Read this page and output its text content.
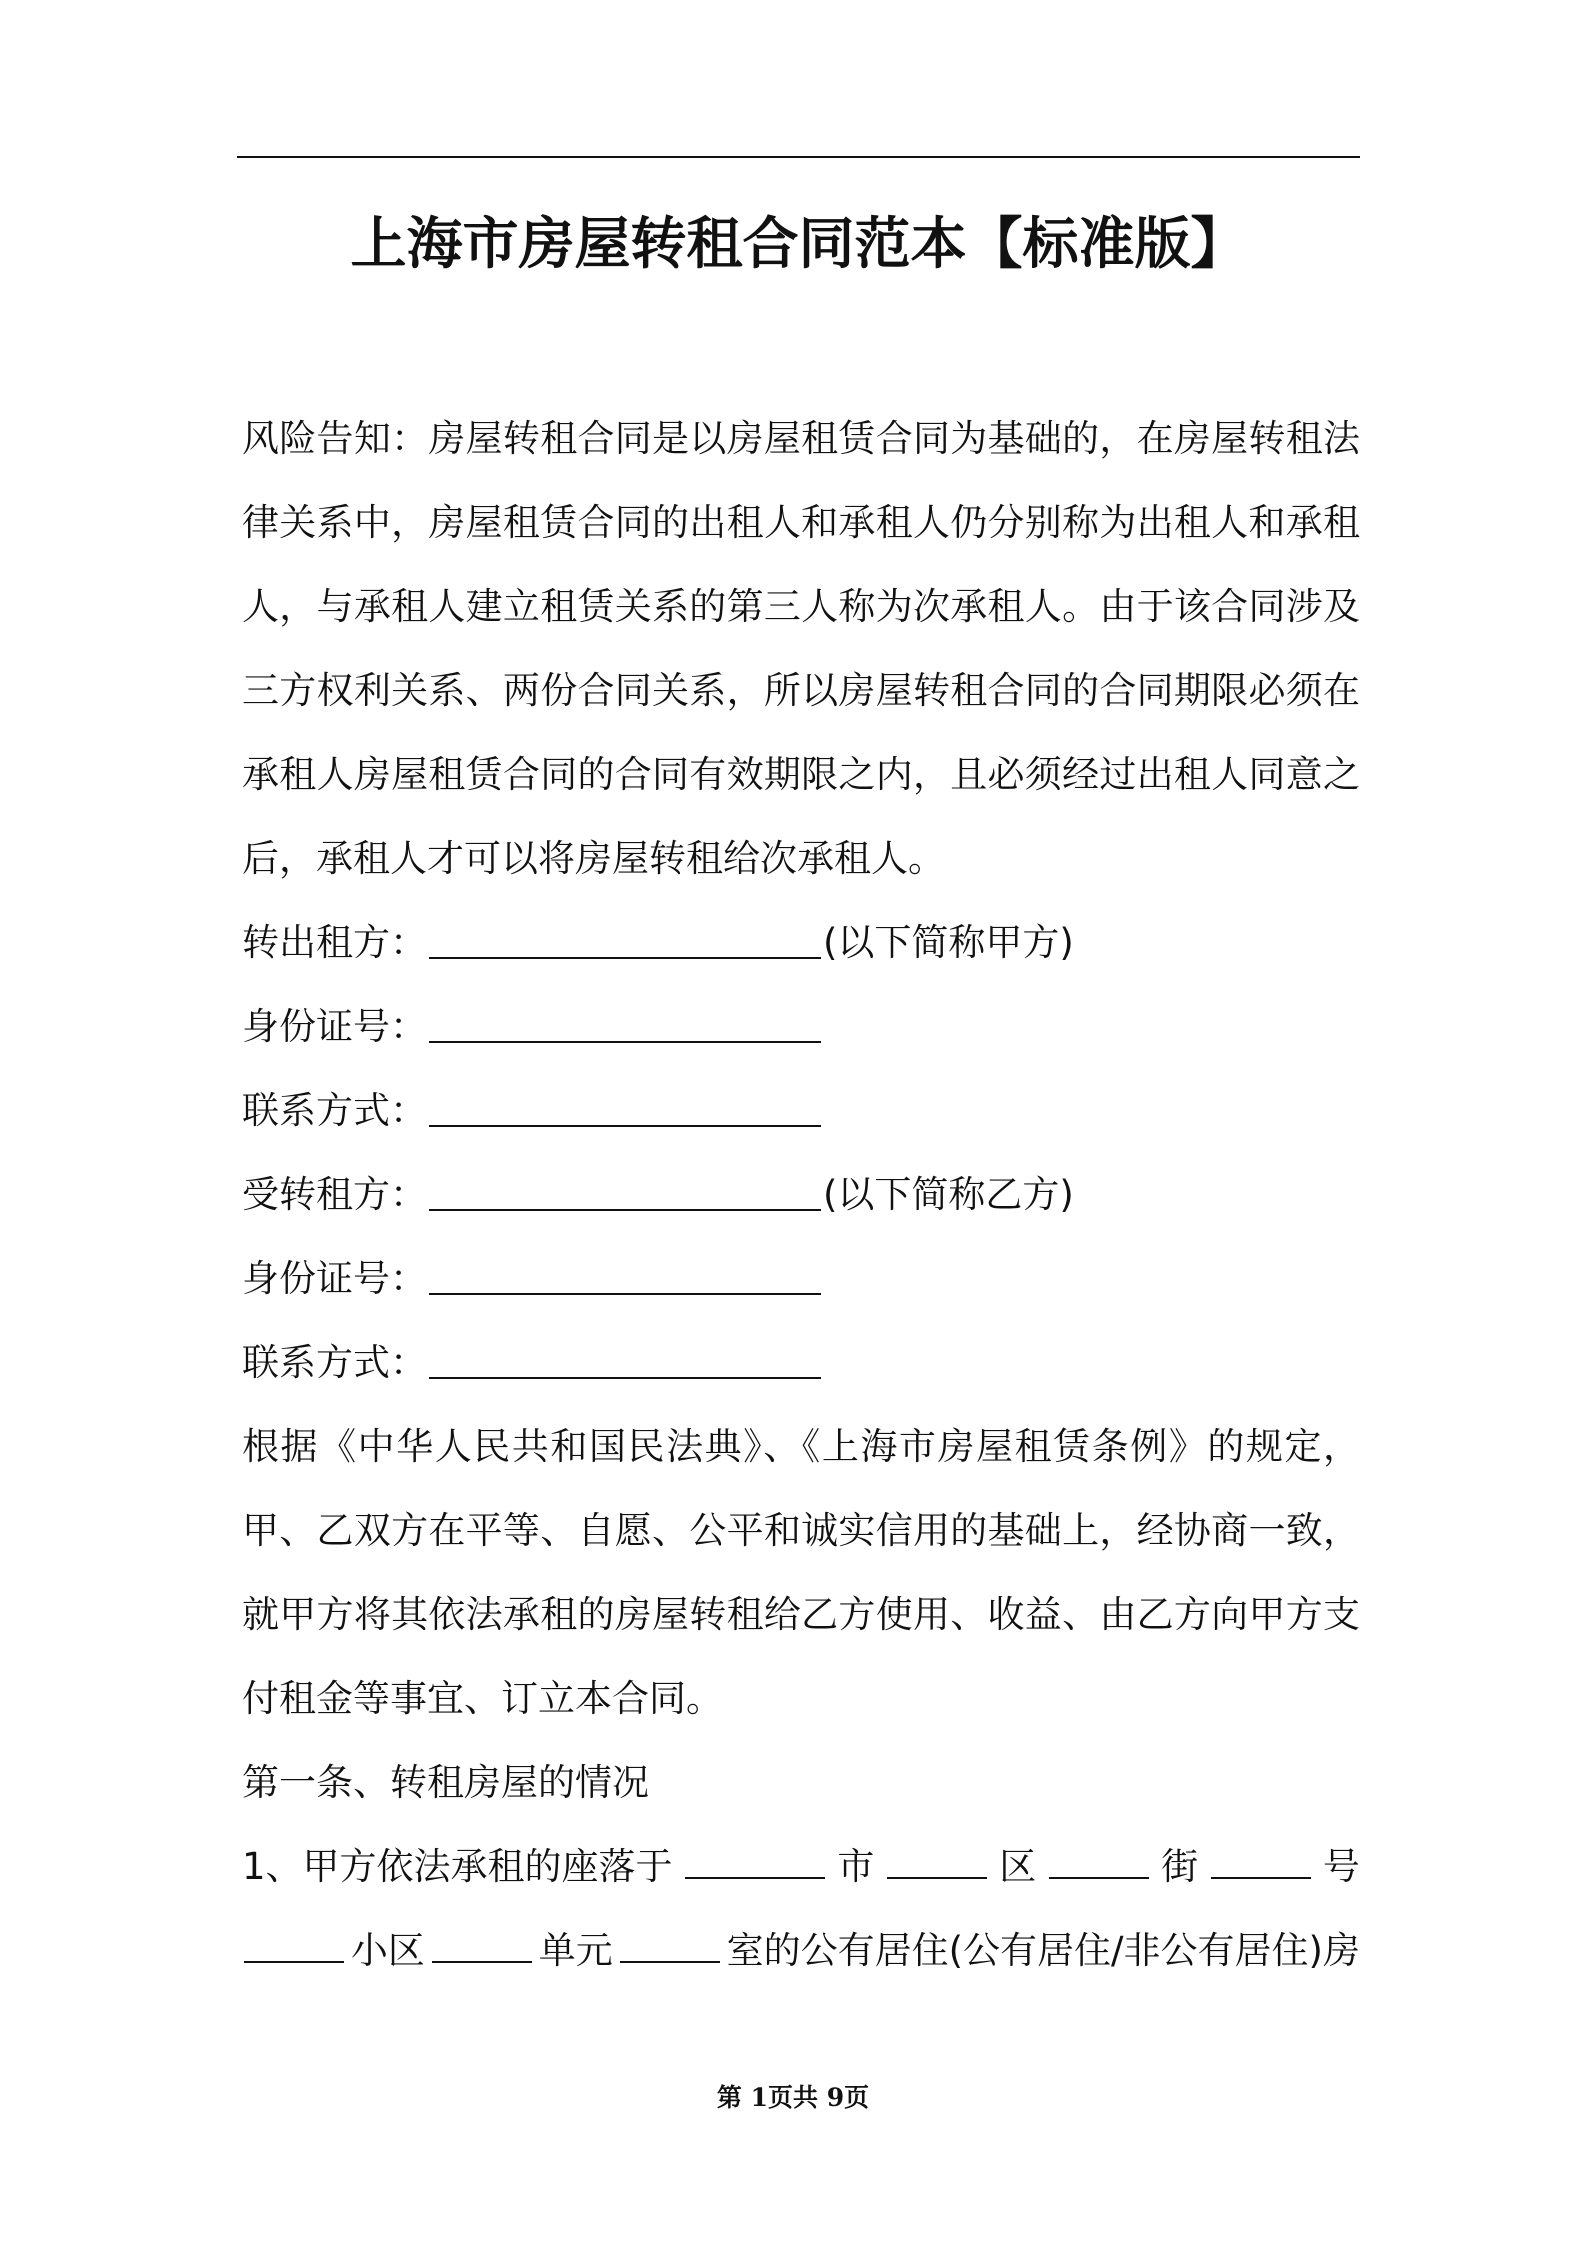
上海市房屋转租合同范本【标准版】

风险告知：房屋转租合同是以房屋租赁合同为基础的，在房屋转租法律关系中，房屋租赁合同的出租人和承租人仍分别称为出租人和承租人，与承租人建立租赁关系的第三人称为次承租人。由于该合同涉及三方权利关系、两份合同关系，所以房屋转租合同的合同期限必须在承租人房屋租赁合同的合同有效期限之内，且必须经过出租人同意之后，承租人才可以将房屋转租给次承租人。

转出租方：	(以下简称甲方)

身份证号：

联系方式：

受转租方：	(以下简称乙方)

身份证号：

联系方式：

根据《中华人民共和国民法典》、《上海市房屋租赁条例》的规定，甲、乙双方在平等、自愿、公平和诚实信用的基础上，经协商一致，就甲方将其依法承租的房屋转租给乙方使用、收益、由乙方向甲方支付租金等事宜、订立本合同。

第一条、转租房屋的情况

1、甲方依法承租的座落于	市	区	街	号

小区	单元	室的公有居住(公有居住/非公有居住)房

第 1页共 9页
